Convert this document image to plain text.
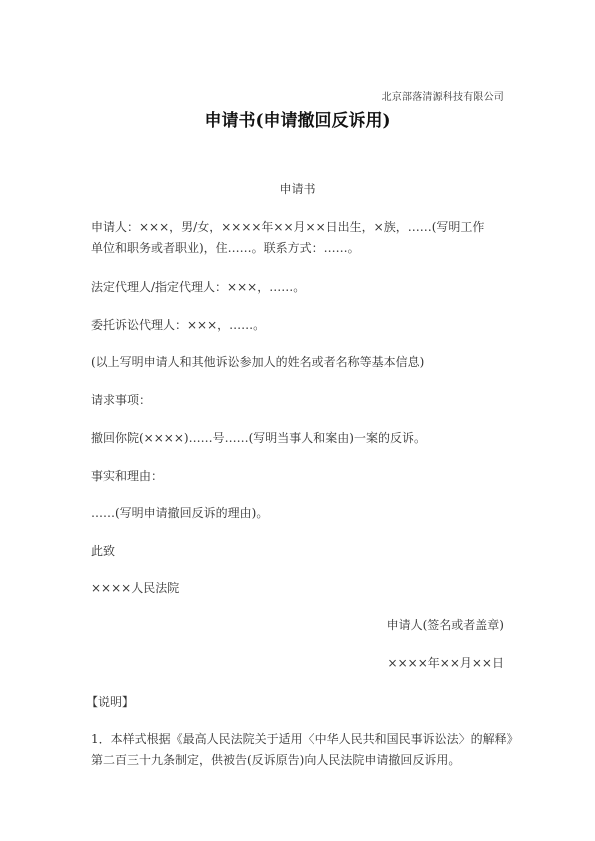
北京部落清源科技有限公司
申请书(申请撤回反诉用)
申请书
申请人：×××，男/女，××××年××月××日出生，×族，……(写明工作
单位和职务或者职业)，住……。联系方式：……。
法定代理人/指定代理人：×××，……。
委托诉讼代理人：×××，……。
(以上写明申请人和其他诉讼参加人的姓名或者名称等基本信息)
请求事项：
撤回你院(××××)……号……(写明当事人和案由)一案的反诉。
事实和理由：
……(写明申请撤回反诉的理由)。
此致
××××人民法院
申请人(签名或者盖章)
××××年××月××日
【说明】
1．本样式根据《最高人民法院关于适用〈中华人民共和国民事诉讼法〉的解释》
第二百三十九条制定，供被告(反诉原告)向人民法院申请撤回反诉用。
